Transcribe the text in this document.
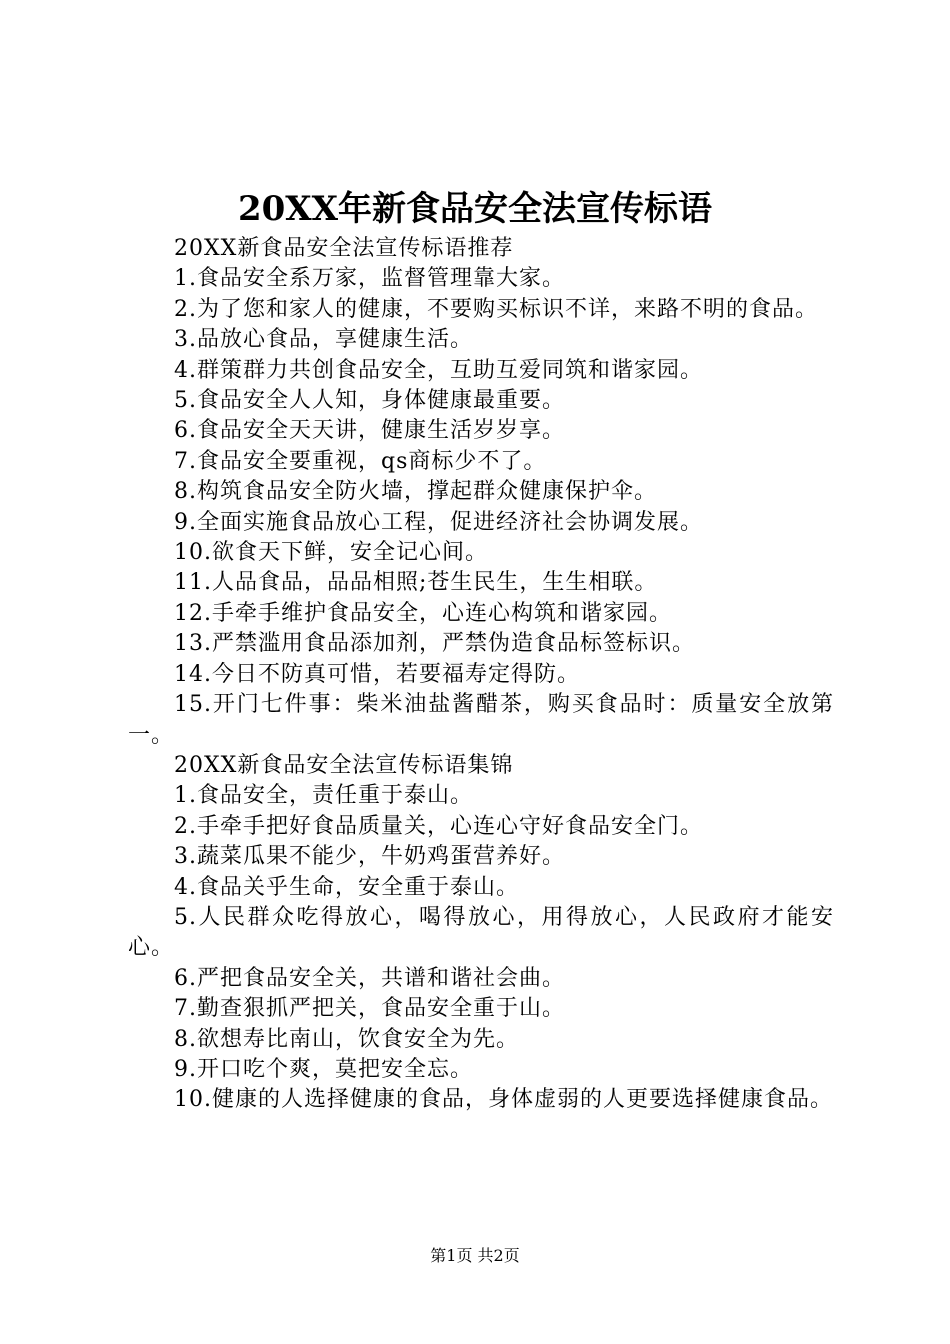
20XX年新食品安全法宣传标语

20XX新食品安全法宣传标语推荐

1.食品安全系万家，监督管理靠大家。

2.为了您和家人的健康，不要购买标识不详，来路不明的食品。

3.品放心食品，享健康生活。

4.群策群力共创食品安全，互助互爱同筑和谐家园。

5.食品安全人人知，身体健康最重要。

6.食品安全天天讲，健康生活岁岁享。

7.食品安全要重视，qs商标少不了。

8.构筑食品安全防火墙，撑起群众健康保护伞。

9.全面实施食品放心工程，促进经济社会协调发展。

10.欲食天下鲜，安全记心间。

11.人品食品，品品相照;苍生民生，生生相联。

12.手牵手维护食品安全，心连心构筑和谐家园。

13.严禁滥用食品添加剂，严禁伪造食品标签标识。

14.今日不防真可惜，若要福寿定得防。

15.开门七件事：柴米油盐酱醋茶，购买食品时：质量安全放第一。

20XX新食品安全法宣传标语集锦

1.食品安全，责任重于泰山。

2.手牵手把好食品质量关，心连心守好食品安全门。

3.蔬菜瓜果不能少，牛奶鸡蛋营养好。

4.食品关乎生命，安全重于泰山。

5.人民群众吃得放心，喝得放心，用得放心，人民政府才能安心。

6.严把食品安全关，共谱和谐社会曲。

7.勤查狠抓严把关，食品安全重于山。

8.欲想寿比南山，饮食安全为先。

9.开口吃个爽，莫把安全忘。

10.健康的人选择健康的食品，身体虚弱的人更要选择健康食品。

第1页 共2页
